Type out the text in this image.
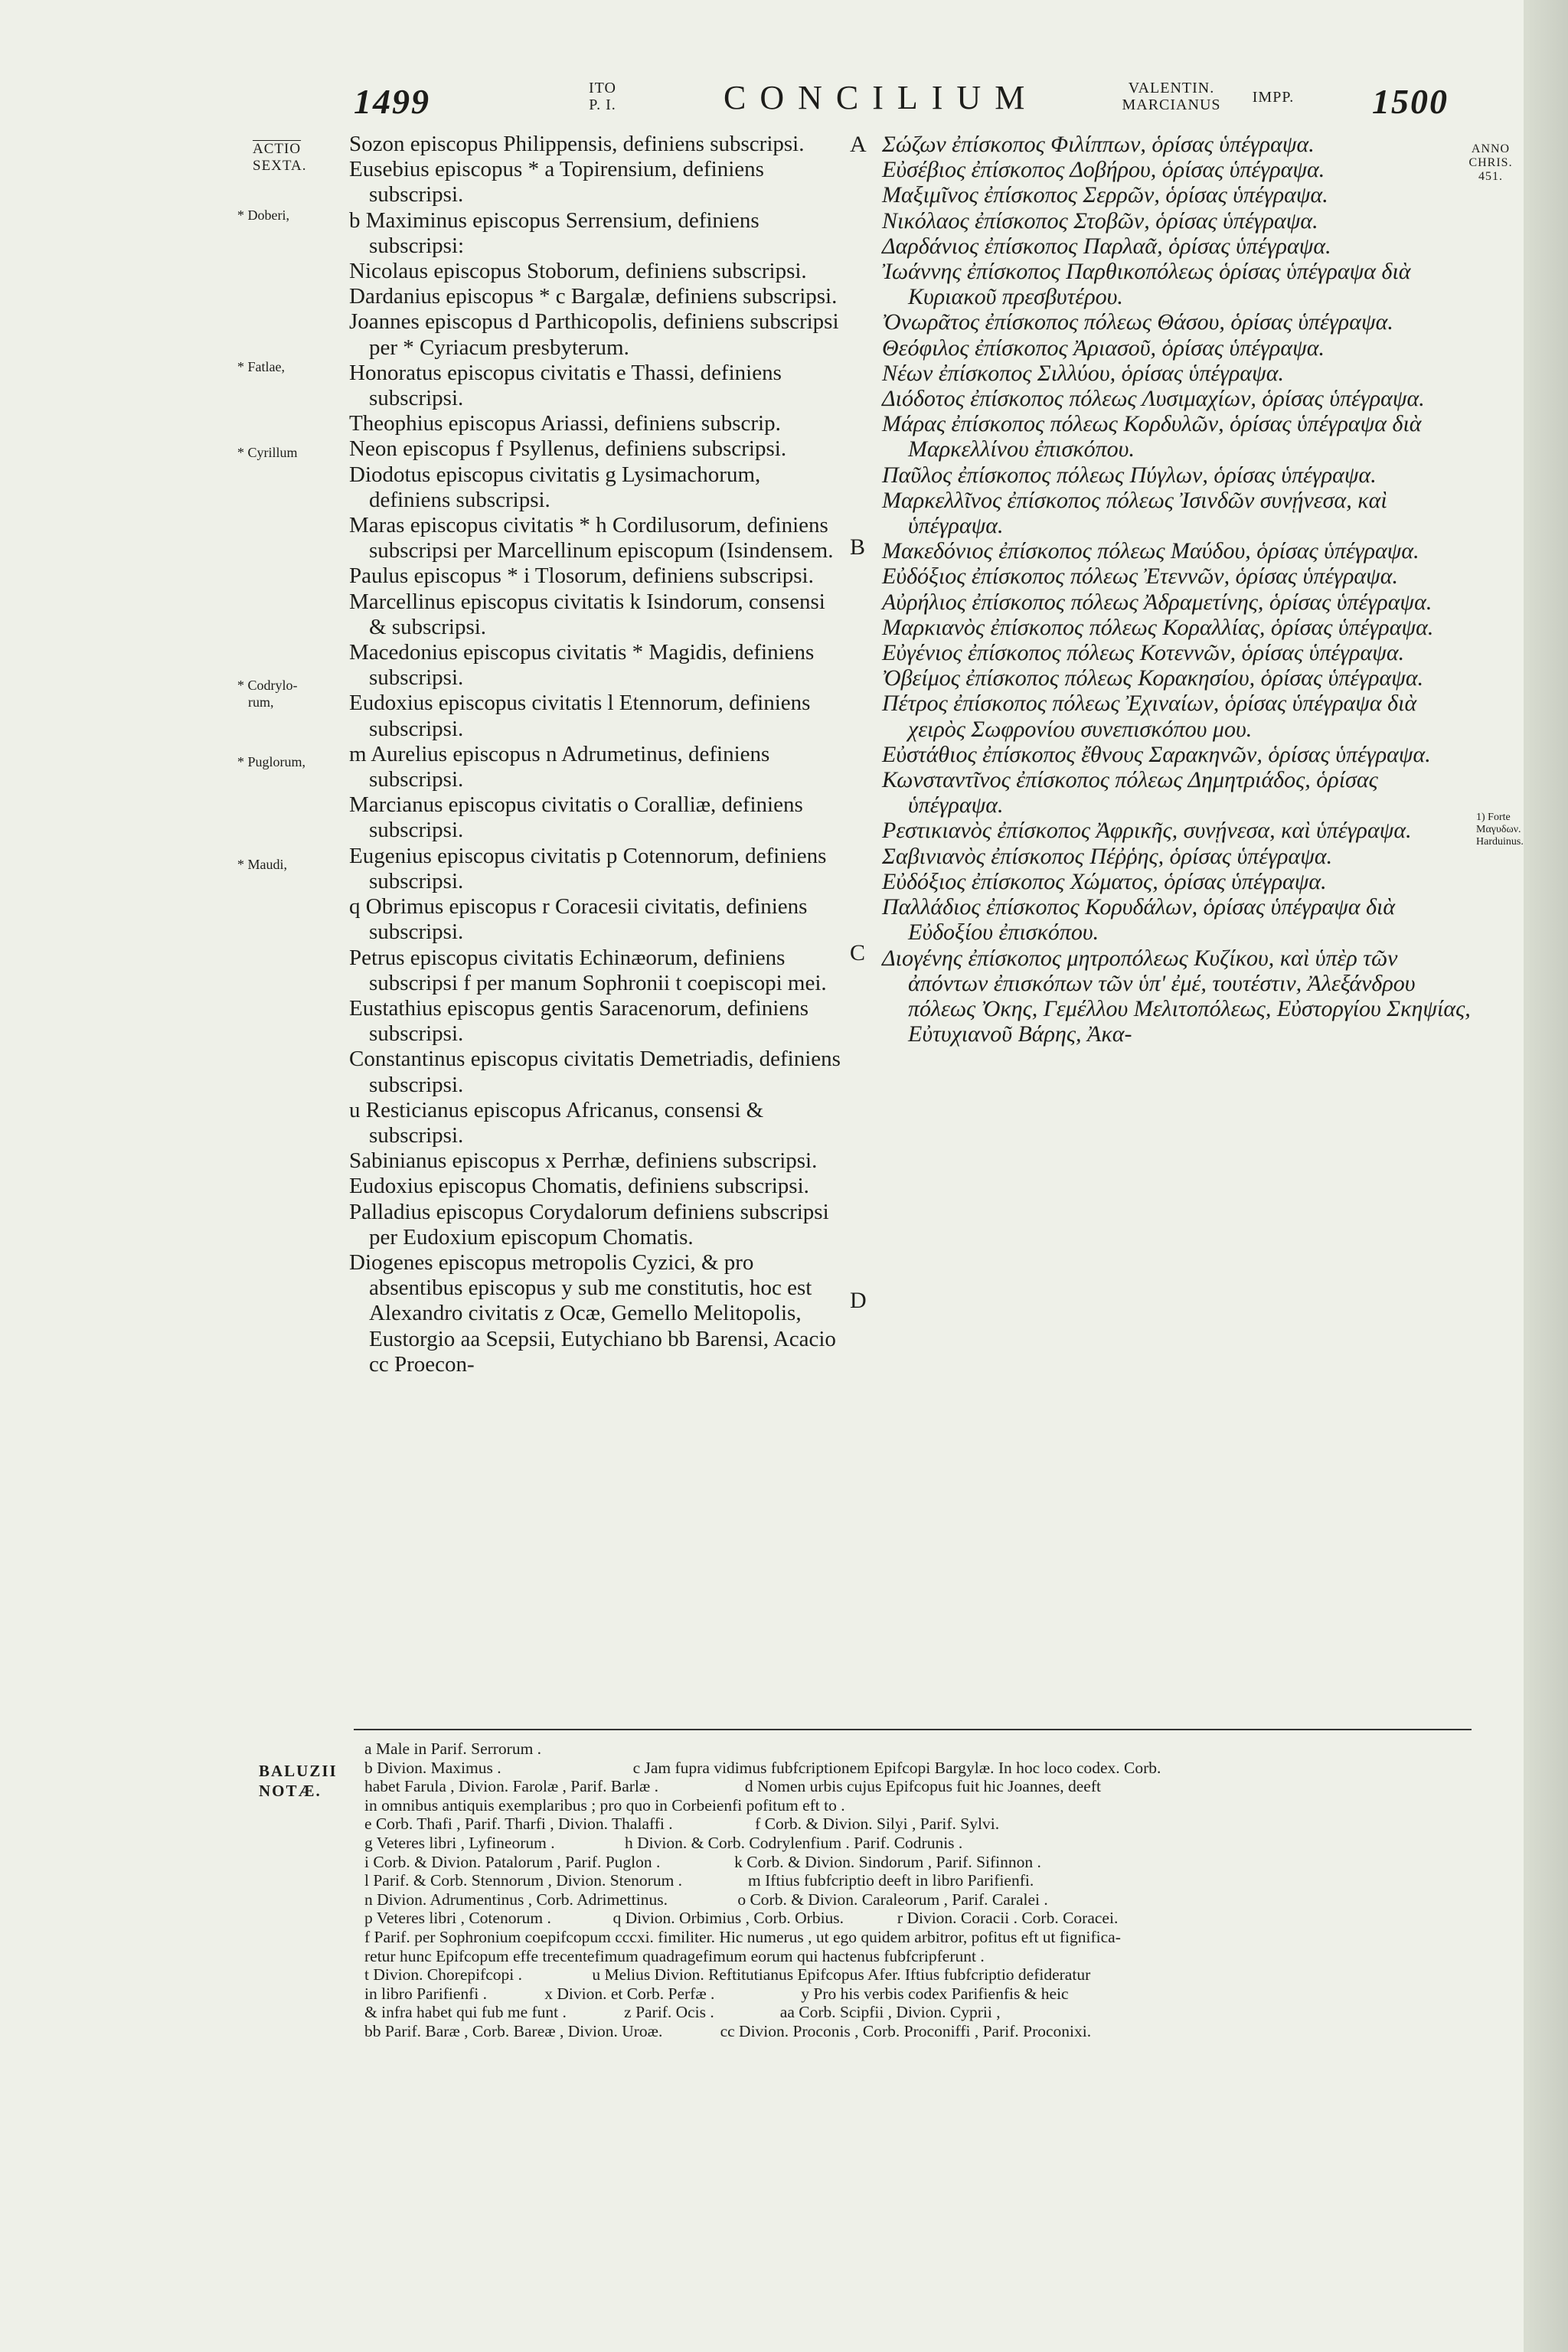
1499	ITO
P. I.	CONCILIUM	VALENTIN.
MARCIANUS	IMPP. 1500
ACTIO
SEXTA.
* Doberi,
* Fatlae,
* Cyrillum
* Codrylo-
rum,
* Puglorum,
* Maudi,
A
B
C
D
ANNO
CHRIS.
451.
1) Forte
Μαγυδων.
Harduinus.

Sozon episcopus Philippensis, definiens subscripsi.

Eusebius episcopus * a Topirensium, definiens subscripsi.

b Maximinus episcopus Serrensium, definiens subscripsi:

Nicolaus episcopus Stoborum, definiens subscripsi.

Dardanius episcopus * c Bargalæ, definiens subscripsi.

Joannes episcopus d Parthicopolis, definiens subscripsi per * Cyriacum presbyterum.

Honoratus episcopus civitatis e Thassi, definiens subscripsi.

Theophius episcopus Ariassi, definiens subscrip.

Neon episcopus f Psyllenus, definiens subscripsi.

Diodotus episcopus civitatis g Lysimachorum, definiens subscripsi.

Maras episcopus civitatis * h Cordilusorum, definiens subscripsi per Marcellinum episcopum (Isindensem.

Paulus episcopus * i Tlosorum, definiens subscripsi.

Marcellinus episcopus civitatis k Isindorum, consensi & subscripsi.

Macedonius episcopus civitatis * Magidis, definiens subscripsi.

Eudoxius episcopus civitatis l Etennorum, definiens subscripsi.

m Aurelius episcopus n Adrumetinus, definiens subscripsi.

Marcianus episcopus civitatis o Coralliæ, definiens subscripsi.

Eugenius episcopus civitatis p Cotennorum, definiens subscripsi.

q Obrimus episcopus r Coracesii civitatis, definiens subscripsi.

Petrus episcopus civitatis Echinæorum, definiens subscripsi f per manum Sophronii t coepiscopi mei.

Eustathius episcopus gentis Saracenorum, definiens subscripsi.

Constantinus episcopus civitatis Demetriadis, definiens subscripsi.

u Resticianus episcopus Africanus, consensi & subscripsi.

Sabinianus episcopus x Perrhæ, definiens subscripsi.

Eudoxius episcopus Chomatis, definiens subscripsi.

Palladius episcopus Corydalorum definiens subscripsi per Eudoxium episcopum Chomatis.

Diogenes episcopus metropolis Cyzici, & pro absentibus episcopus y sub me constitutis, hoc est Alexandro civitatis z Ocæ, Gemello Melitopolis, Eustorgio aa Scepsii, Eutychiano bb Barensi, Acacio cc Proecon-

Σώζων ἐπίσκοπος Φιλίππων, ὁρίσας ὑπέγραψα.

Εὐσέβιος ἐπίσκοπος Δοβήρου, ὁρίσας ὑπέγραψα.

Μαξιμῖνος ἐπίσκοπος Σερρῶν, ὁρίσας ὑπέγραψα.

Νικόλαος ἐπίσκοπος Στοβῶν, ὁρίσας ὑπέγραψα.

Δαρδάνιος ἐπίσκοπος Παρλαᾶ, ὁρίσας ὑπέγραψα.

Ἰωάννης ἐπίσκοπος Παρθικοπόλεως ὁρίσας ὑπέγραψα διὰ Κυριακοῦ πρεσβυτέρου.

Ὀνωρᾶτος ἐπίσκοπος πόλεως Θάσου, ὁρίσας ὑπέγραψα.

Θεόφιλος ἐπίσκοπος Ἀριασοῦ, ὁρίσας ὑπέγραψα.

Νέων ἐπίσκοπος Σιλλύου, ὁρίσας ὑπέγραψα.

Διόδοτος ἐπίσκοπος πόλεως Λυσιμαχίων, ὁρίσας ὑπέγραψα.

Μάρας ἐπίσκοπος πόλεως Κορδυλῶν, ὁρίσας ὑπέγραψα διὰ Μαρκελλίνου ἐπισκόπου.

Παῦλος ἐπίσκοπος πόλεως Πύγλων, ὁρίσας ὑπέγραψα.

Μαρκελλῖνος ἐπίσκοπος πόλεως Ἰσινδῶν συνῄνεσα, καὶ ὑπέγραψα.

Μακεδόνιος ἐπίσκοπος πόλεως Μαύδου, ὁρίσας ὑπέγραψα.

Εὐδόξιος ἐπίσκοπος πόλεως Ἐτεννῶν, ὁρίσας ὑπέγραψα.

Αὐρήλιος ἐπίσκοπος πόλεως Ἀδραμετίνης, ὁρίσας ὑπέγραψα.

Μαρκιανὸς ἐπίσκοπος πόλεως Κοραλλίας, ὁρίσας ὑπέγραψα.

Εὐγένιος ἐπίσκοπος πόλεως Κοτεννῶν, ὁρίσας ὑπέγραψα.

Ὀβείμος ἐπίσκοπος πόλεως Κορακησίου, ὁρίσας ὑπέγραψα.

Πέτρος ἐπίσκοπος πόλεως Ἐχιναίων, ὁρίσας ὑπέγραψα διὰ χειρὸς Σωφρονίου συνεπισκόπου μου.

Εὐστάθιος ἐπίσκοπος ἔθνους Σαρακηνῶν, ὁρίσας ὑπέγραψα.

Κωνσταντῖνος ἐπίσκοπος πόλεως Δημητριάδος, ὁρίσας ὑπέγραψα.

Ρεστικιανὸς ἐπίσκοπος Ἀφρικῆς, συνῄνεσα, καὶ ὑπέγραψα.

Σαβινιανὸς ἐπίσκοπος Πέῤῥης, ὁρίσας ὑπέγραψα.

Εὐδόξιος ἐπίσκοπος Χώματος, ὁρίσας ὑπέγραψα.

Παλλάδιος ἐπίσκοπος Κορυδάλων, ὁρίσας ὑπέγραψα διὰ Εὐδοξίου ἐπισκόπου.

Διογένης ἐπίσκοπος μητροπόλεως Κυζίκου, καὶ ὑπὲρ τῶν ἀπόντων ἐπισκόπων τῶν ὑπ' ἐμέ, τουτέστιν, Ἀλεξάνδρου πόλεως Ὀκης, Γεμέλλου Μελιτοπόλεως, Εὐστοργίου Σκηψίας, Εὐτυχιανοῦ Βάρης, Ἀκα-

BALUZII
NOTÆ.
a Male in Parif. Serrorum .
b Divion. Maximus .                                c Jam fupra vidimus fubfcriptionem Epifcopi Bargylæ. In hoc loco codex. Corb.
habet Farula , Divion. Farolæ , Parif. Barlæ .                     d Nomen urbis cujus Epifcopus fuit hic Joannes, deeft
in omnibus antiquis exemplaribus ; pro quo in Corbeienfi pofitum eft to .
e Corb. Thafi , Parif. Tharfi , Divion. Thalaffi .                    f Corb. & Divion. Silyi , Parif. Sylvi.
g Veteres libri , Lyfineorum .                 h Divion. & Corb. Codrylenfium . Parif. Codrunis .
i Corb. & Divion. Patalorum , Parif. Puglon .                  k Corb. & Divion. Sindorum , Parif. Sifinnon .
l Parif. & Corb. Stennorum , Divion. Stenorum .                m Iftius fubfcriptio deeft in libro Parifienfi.
n Divion. Adrumentinus , Corb. Adrimettinus.                 o Corb. & Divion. Caraleorum , Parif. Caralei .
p Veteres libri , Cotenorum .               q Divion. Orbimius , Corb. Orbius.             r Divion. Coracii . Corb. Coracei.
f Parif. per Sophronium coepifcopum cccxi. fimiliter. Hic numerus , ut ego quidem arbitror, pofitus eft ut fignifica-
retur hunc Epifcopum effe trecentefimum quadragefimum eorum qui hactenus fubfcripferunt .
t Divion. Chorepifcopi .                 u Melius Divion. Reftitutianus Epifcopus Afer. Iftius fubfcriptio defideratur
in libro Parifienfi .              x Divion. et Corb. Perfæ .                     y Pro his verbis codex Parifienfis & heic
& infra habet qui fub me funt .              z Parif. Ocis .                aa Corb. Scipfii , Divion. Cyprii ,
bb Parif. Baræ , Corb. Bareæ , Divion. Uroæ.              cc Divion. Proconis , Corb. Proconiffi , Parif. Proconixi.
